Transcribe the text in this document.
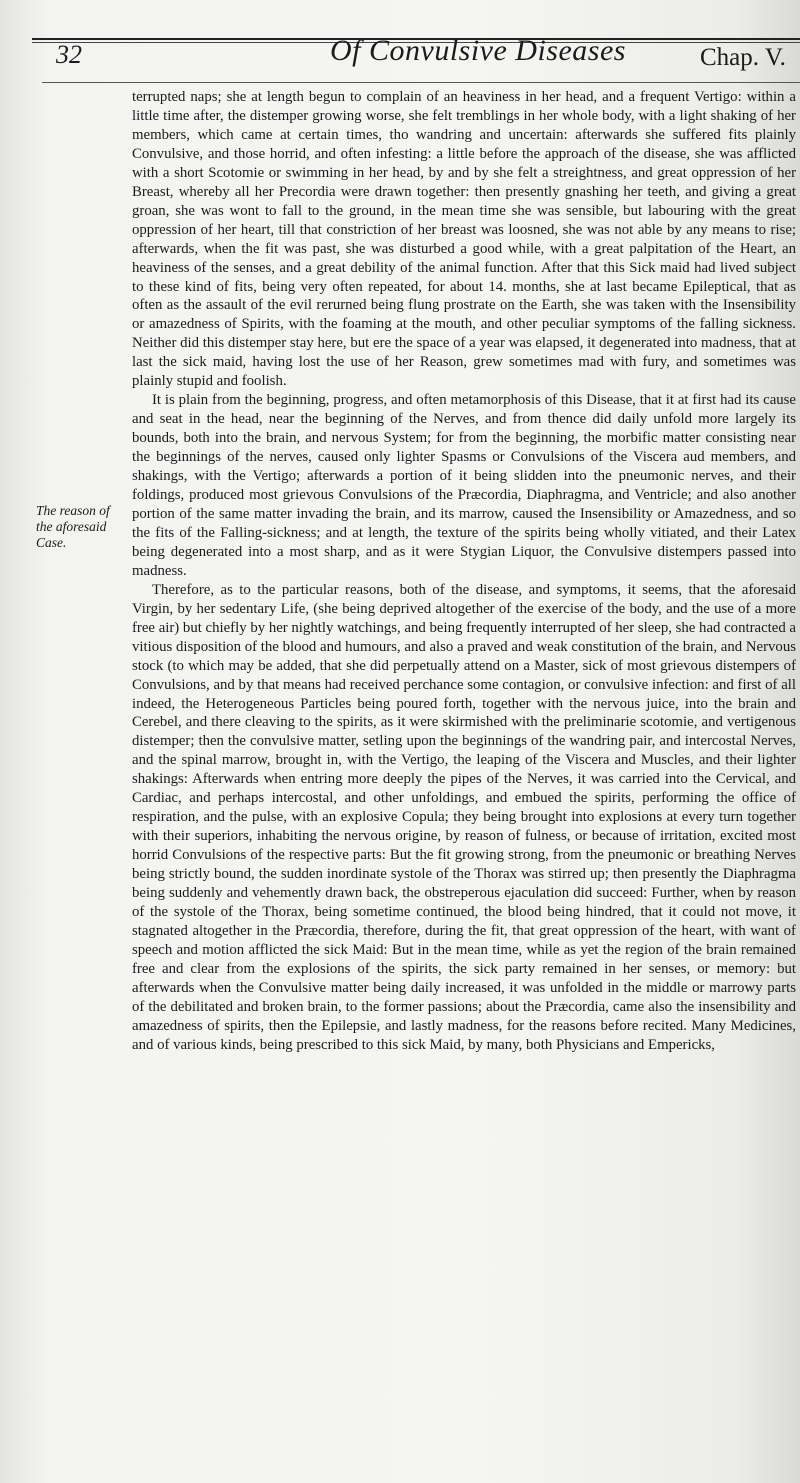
32	Of Convulsive Diseases	Chap. V.
The reason of the aforesaid Case.

terrupted naps; she at length begun to complain of an heaviness in her head, and a frequent Vertigo: within a little time after, the distemper growing worse, she felt tremblings in her whole body, with a light shaking of her members, which came at certain times, tho wandring and uncertain: afterwards she suffered fits plainly Convulsive, and those horrid, and often infesting: a little before the approach of the disease, she was afflicted with a short Scotomie or swimming in her head, by and by she felt a streightness, and great oppression of her Breast, whereby all her Precordia were drawn together: then presently gnashing her teeth, and giving a great groan, she was wont to fall to the ground, in the mean time she was sensible, but labouring with the great oppression of her heart, till that constriction of her breast was loosned, she was not able by any means to rise; afterwards, when the fit was past, she was disturbed a good while, with a great palpitation of the Heart, an heaviness of the senses, and a great debility of the animal function. After that this Sick maid had lived subject to these kind of fits, being very often repeated, for about 14. months, she at last became Epileptical, that as often as the assault of the evil rerurned being flung prostrate on the Earth, she was taken with the Insensibility or amazedness of Spirits, with the foaming at the mouth, and other peculiar symptoms of the falling sickness. Neither did this distemper stay here, but ere the space of a year was elapsed, it degenerated into madness, that at last the sick maid, having lost the use of her Reason, grew sometimes mad with fury, and sometimes was plainly stupid and foolish.

It is plain from the beginning, progress, and often metamorphosis of this Disease, that it at first had its cause and seat in the head, near the beginning of the Nerves, and from thence did daily unfold more largely its bounds, both into the brain, and nervous System; for from the beginning, the morbific matter consisting near the beginnings of the nerves, caused only lighter Spasms or Convulsions of the Viscera aud members, and shakings, with the Vertigo; afterwards a portion of it being slidden into the pneumonic nerves, and their foldings, produced most grievous Convulsions of the Præcordia, Diaphragma, and Ventricle; and also another portion of the same matter invading the brain, and its marrow, caused the Insensibility or Amazedness, and so the fits of the Falling-sickness; and at length, the texture of the spirits being wholly vitiated, and their Latex being degenerated into a most sharp, and as it were Stygian Liquor, the Convulsive distempers passed into madness.

Therefore, as to the particular reasons, both of the disease, and symptoms, it seems, that the aforesaid Virgin, by her sedentary Life, (she being deprived altogether of the exercise of the body, and the use of a more free air) but chiefly by her nightly watchings, and being frequently interrupted of her sleep, she had contracted a vitious disposition of the blood and humours, and also a praved and weak constitution of the brain, and Nervous stock (to which may be added, that she did perpetually attend on a Master, sick of most grievous distempers of Convulsions, and by that means had received perchance some contagion, or convulsive infection: and first of all indeed, the Heterogeneous Particles being poured forth, together with the nervous juice, into the brain and Cerebel, and there cleaving to the spirits, as it were skirmished with the preliminarie scotomie, and vertigenous distemper; then the convulsive matter, setling upon the beginnings of the wandring pair, and intercostal Nerves, and the spinal marrow, brought in, with the Vertigo, the leaping of the Viscera and Muscles, and their lighter shakings: Afterwards when entring more deeply the pipes of the Nerves, it was carried into the Cervical, and Cardiac, and perhaps intercostal, and other unfoldings, and embued the spirits, performing the office of respiration, and the pulse, with an explosive Copula; they being brought into explosions at every turn together with their superiors, inhabiting the nervous origine, by reason of fulness, or because of irritation, excited most horrid Convulsions of the respective parts: But the fit growing strong, from the pneumonic or breathing Nerves being strictly bound, the sudden inordinate systole of the Thorax was stirred up; then presently the Diaphragma being suddenly and vehemently drawn back, the obstreperous ejaculation did succeed: Further, when by reason of the systole of the Thorax, being sometime continued, the blood being hindred, that it could not move, it stagnated altogether in the Præcordia, therefore, during the fit, that great oppression of the heart, with want of speech and motion afflicted the sick Maid: But in the mean time, while as yet the region of the brain remained free and clear from the explosions of the spirits, the sick party remained in her senses, or memory: but afterwards when the Convulsive matter being daily increased, it was unfolded in the middle or marrowy parts of the debilitated and broken brain, to the former passions; about the Præcordia, came also the insensibility and amazedness of spirits, then the Epilepsie, and lastly madness, for the reasons before recited. Many Medicines, and of various kinds, being prescribed to this sick Maid, by many, both Physicians and Empericks,
